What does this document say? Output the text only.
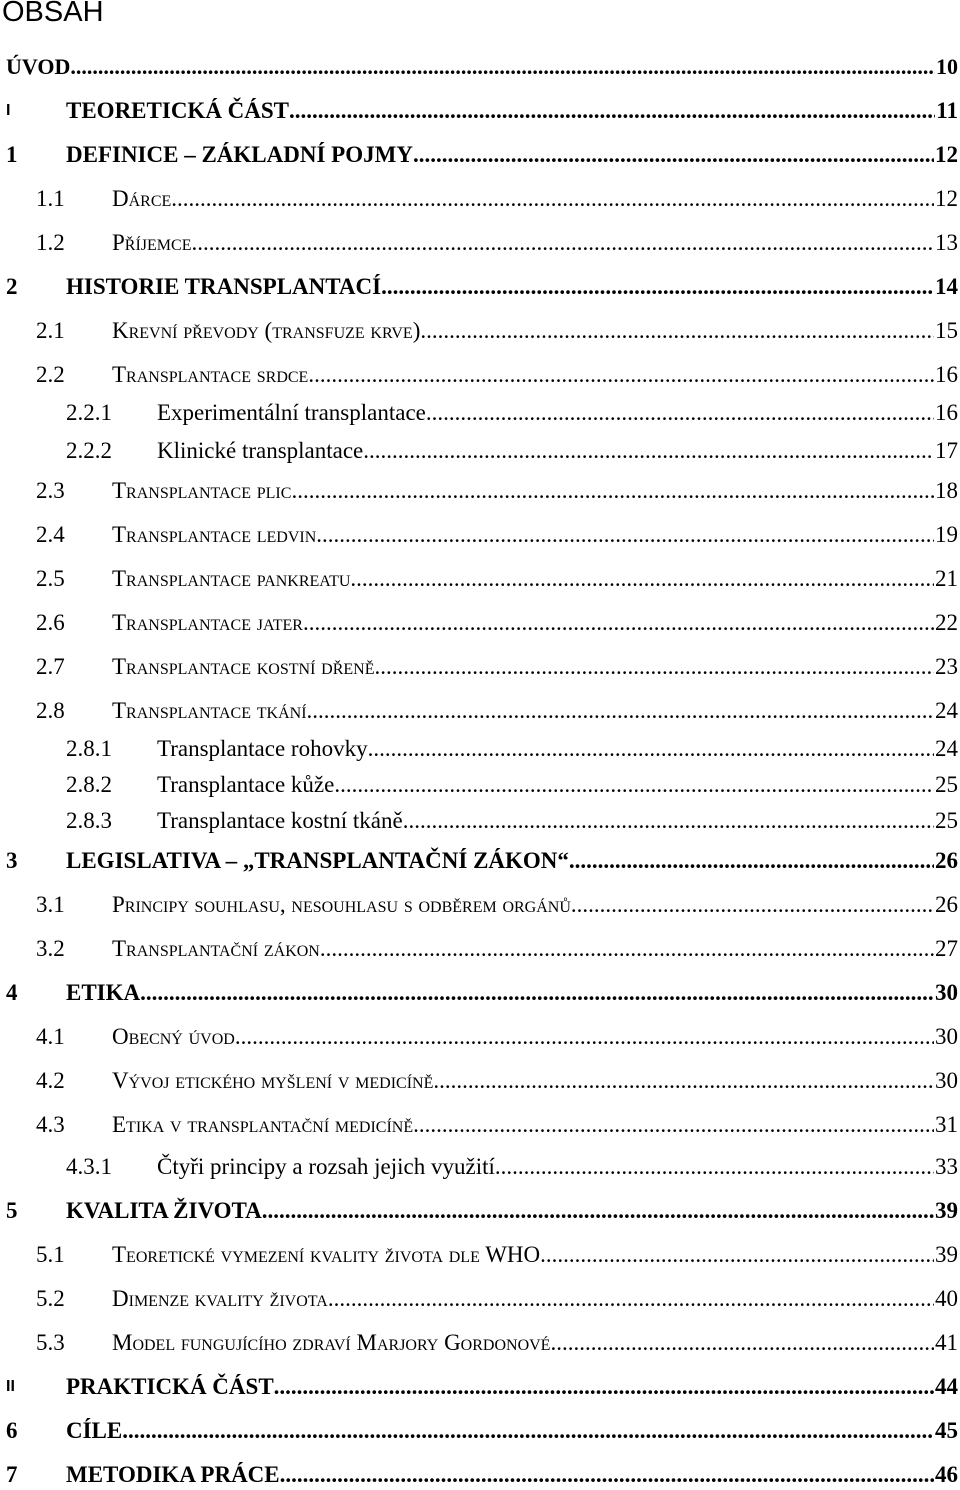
OBSAH
ÚVOD .....	10
I TEORETICKÁ ČÁST .....	11
1 DEFINICE – ZÁKLADNÍ POJMY .....	12
1.1 Dárce .....	12
1.2 Příjemce .....	13
2 HISTORIE TRANSPLANTACÍ .....	14
2.1 Krevní převody (transfuze krve) .....	15
2.2 Transplantace srdce .....	16
2.2.1 Experimentální transplantace .....	16
2.2.2 Klinické transplantace .....	17
2.3 Transplantace plic .....	18
2.4 Transplantace ledvin .....	19
2.5 Transplantace pankreatu .....	21
2.6 Transplantace jater .....	22
2.7 Transplantace kostní dřeně .....	23
2.8 Transplantace tkání .....	24
2.8.1 Transplantace rohovky .....	24
2.8.2 Transplantace kůže .....	25
2.8.3 Transplantace kostní tkáně .....	25
3 LEGISLATIVA – „TRANSPLANTAČNÍ ZÁKON“ .....	26
3.1 Principy souhlasu, nesouhlasu s odběrem orgánů .....	26
3.2 Transplantační zákon .....	27
4 ETIKA .....	30
4.1 Obecný úvod .....	30
4.2 Vývoj etického myšlení v medicíně .....	30
4.3 Etika v transplantační medicíně .....	31
4.3.1 Čtyři principy a rozsah jejich využití .....	33
5 KVALITA ŽIVOTA .....	39
5.1 Teoretické vymezení kvality života dle WHO .....	39
5.2 Dimenze kvality života .....	40
5.3 Model fungujícího zdraví Marjory Gordonové .....	41
II PRAKTICKÁ ČÁST .....	44
6 CÍLE .....	45
7 METODIKA PRÁCE .....	46
